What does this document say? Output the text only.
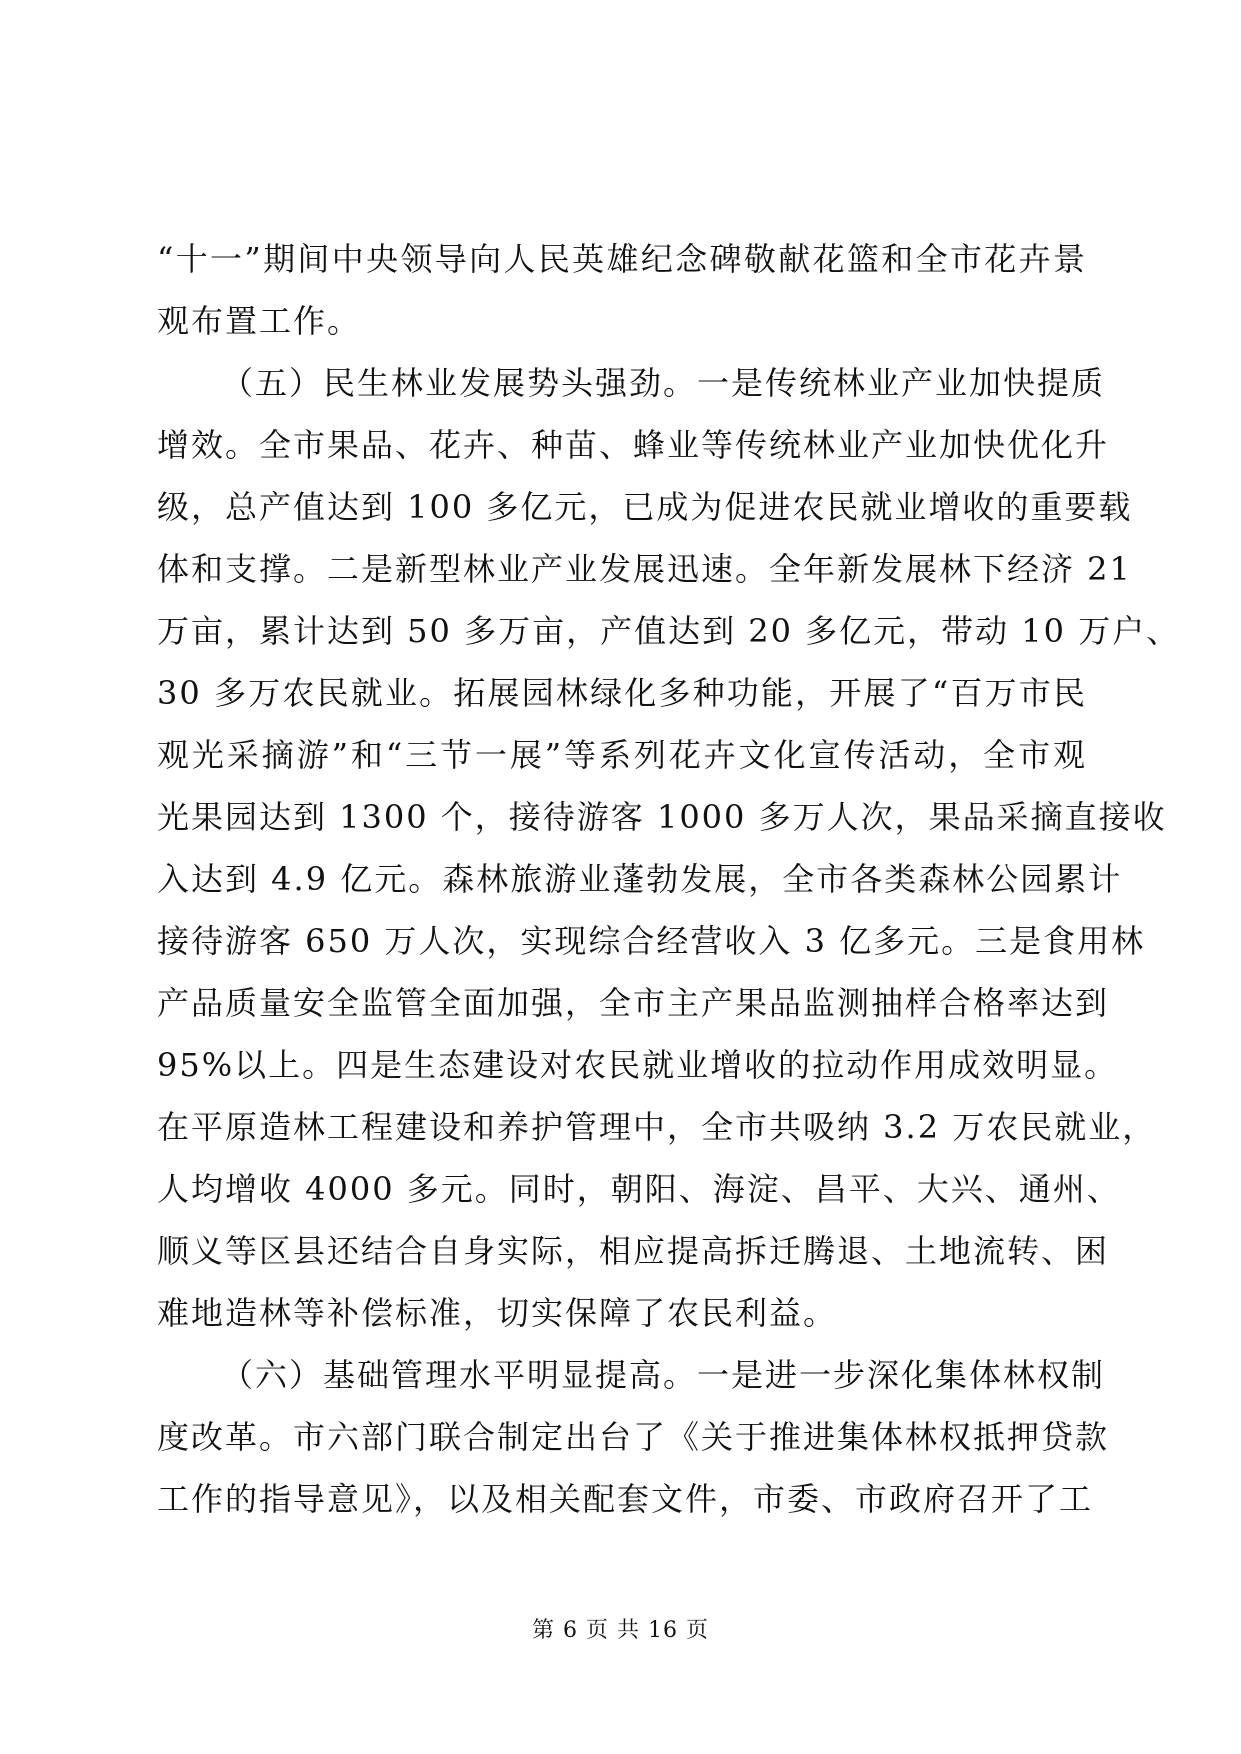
“十一”期间中央领导向人民英雄纪念碑敬献花篮和全市花卉景
观布置工作。
（五）民生林业发展势头强劲。一是传统林业产业加快提质
增效。全市果品、花卉、种苗、蜂业等传统林业产业加快优化升
级，总产值达到 100 多亿元，已成为促进农民就业增收的重要载
体和支撑。二是新型林业产业发展迅速。全年新发展林下经济 21
万亩，累计达到 50 多万亩，产值达到 20 多亿元，带动 10 万户、
30 多万农民就业。拓展园林绿化多种功能，开展了“百万市民
观光采摘游”和“三节一展”等系列花卉文化宣传活动，全市观
光果园达到 1300 个，接待游客 1000 多万人次，果品采摘直接收
入达到 4.9 亿元。森林旅游业蓬勃发展，全市各类森林公园累计
接待游客 650 万人次，实现综合经营收入 3 亿多元。三是食用林
产品质量安全监管全面加强，全市主产果品监测抽样合格率达到
95%以上。四是生态建设对农民就业增收的拉动作用成效明显。
在平原造林工程建设和养护管理中，全市共吸纳 3.2 万农民就业，
人均增收 4000 多元。同时，朝阳、海淀、昌平、大兴、通州、
顺义等区县还结合自身实际，相应提高拆迁腾退、土地流转、困
难地造林等补偿标准，切实保障了农民利益。
（六）基础管理水平明显提高。一是进一步深化集体林权制
度改革。市六部门联合制定出台了《关于推进集体林权抵押贷款
工作的指导意见》，以及相关配套文件，市委、市政府召开了工
第 6 页 共 16 页
